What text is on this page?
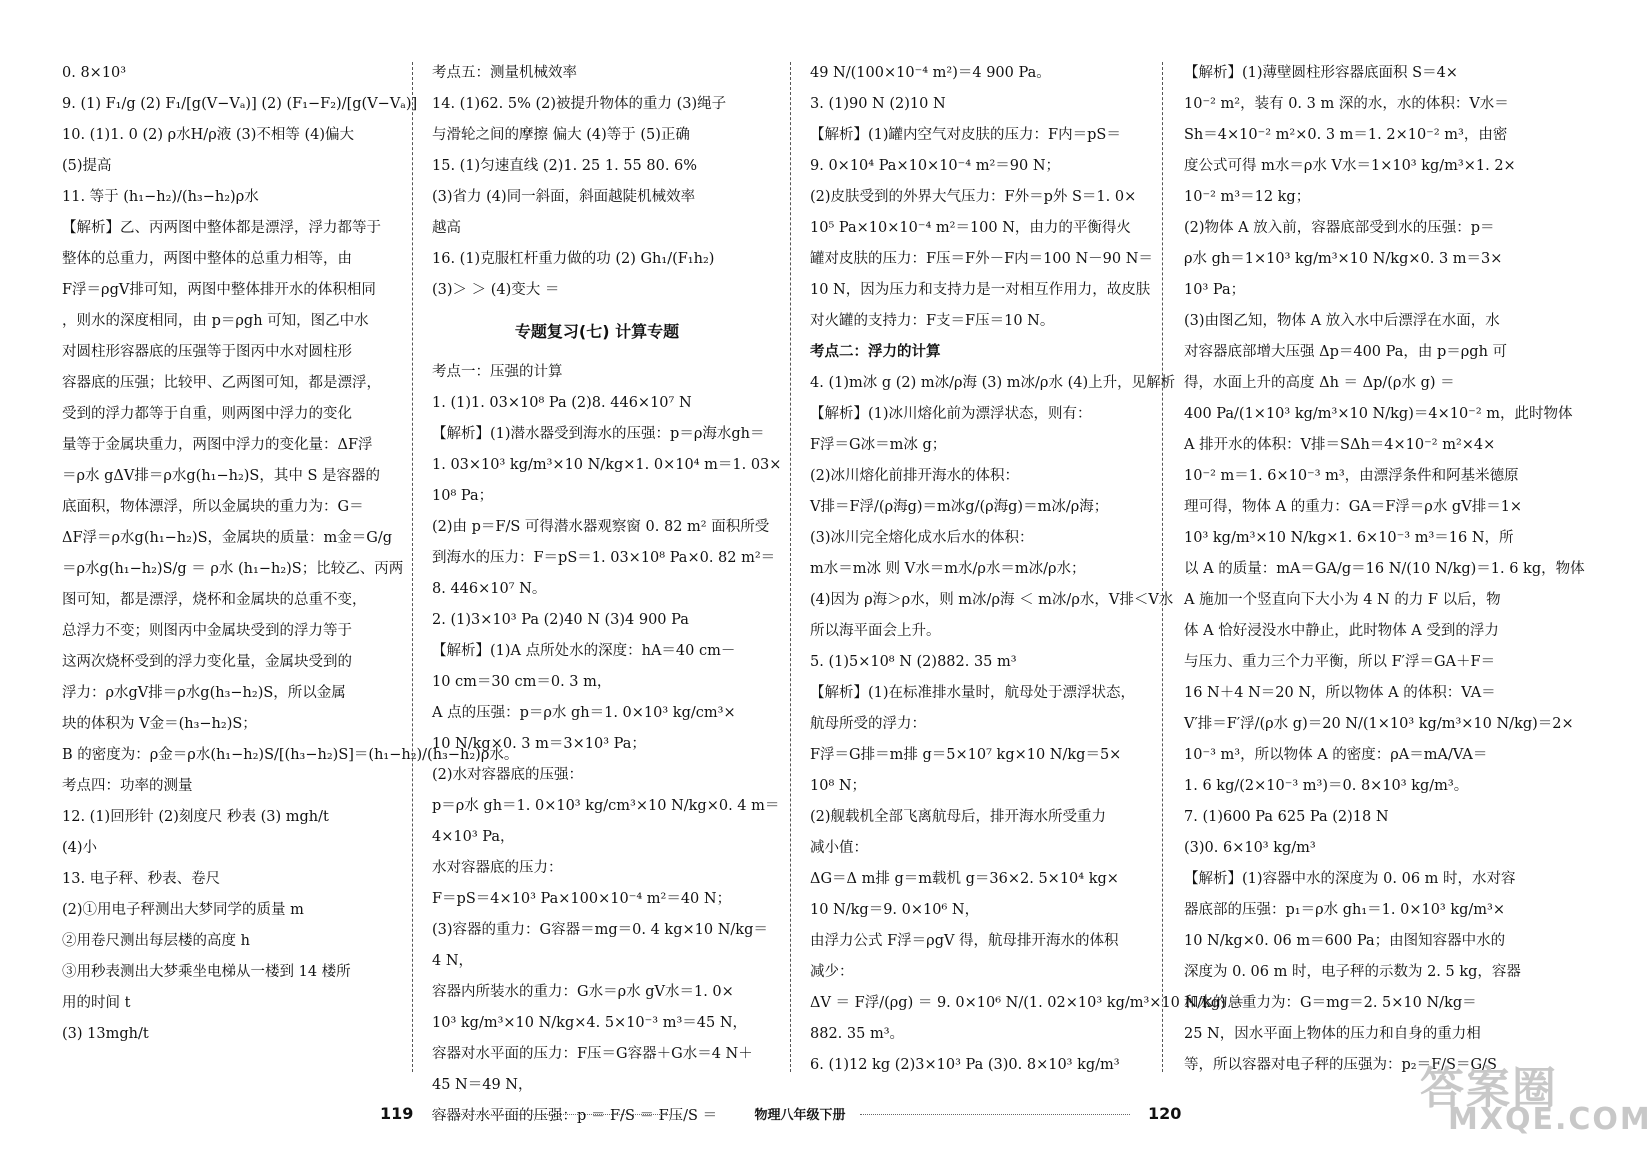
0. 8×10³
9. (1) F₁/g (2) F₁/[g(V−Vₐ)] (2) (F₁−F₂)/[g(V−Vₐ)]
10. (1)1. 0 (2) ρ水H/ρ液 (3)不相等 (4)偏大
(5)提高
11. 等于 (h₁−h₂)/(h₃−h₂)ρ水
【解析】乙、丙两图中整体都是漂浮，浮力都等于
整体的总重力，两图中整体的总重力相等，由
F浮＝ρgV排可知，两图中整体排开水的体积相同
，则水的深度相同，由 p＝ρgh 可知，图乙中水
对圆柱形容器底的压强等于图丙中水对圆柱形
容器底的压强；比较甲、乙两图可知，都是漂浮，
受到的浮力都等于自重，则两图中浮力的变化
量等于金属块重力，两图中浮力的变化量：ΔF浮
＝ρ水 gΔV排＝ρ水g(h₁−h₂)S，其中 S 是容器的
底面积，物体漂浮，所以金属块的重力为：G＝
ΔF浮＝ρ水g(h₁−h₂)S，金属块的质量：m金＝G/g
＝ρ水g(h₁−h₂)S/g ＝ ρ水 (h₁−h₂)S；比较乙、丙两
图可知，都是漂浮，烧杯和金属块的总重不变，
总浮力不变；则图丙中金属块受到的浮力等于
这两次烧杯受到的浮力变化量，金属块受到的
浮力：ρ水gV排＝ρ水g(h₃−h₂)S，所以金属
块的体积为 V金＝(h₃−h₂)S；
B 的密度为：ρ金＝ρ水(h₁−h₂)S/[(h₃−h₂)S]＝(h₁−h₂)/(h₃−h₂)ρ水。
考点四：功率的测量
12. (1)回形针 (2)刻度尺 秒表 (3) mgh/t
(4)小
13. 电子秤、秒表、卷尺
(2)①用电子秤测出大梦同学的质量 m
②用卷尺测出每层楼的高度 h
③用秒表测出大梦乘坐电梯从一楼到 14 楼所
用的时间 t
(3) 13mgh/t
考点五：测量机械效率
14. (1)62. 5% (2)被提升物体的重力 (3)绳子
与滑轮之间的摩擦 偏大 (4)等于 (5)正确
15. (1)匀速直线 (2)1. 25 1. 55 80. 6%
(3)省力 (4)同一斜面，斜面越陡机械效率
越高
16. (1)克服杠杆重力做的功 (2) Gh₁/(F₁h₂)
(3)＞ ＞ (4)变大 ＝
专题复习(七) 计算专题
考点一：压强的计算
1. (1)1. 03×10⁸ Pa (2)8. 446×10⁷ N
【解析】(1)潜水器受到海水的压强：p＝ρ海水gh＝
1. 03×10³ kg/m³×10 N/kg×1. 0×10⁴ m＝1. 03×
10⁸ Pa；
(2)由 p＝F/S 可得潜水器观察窗 0. 82 m² 面积所受
到海水的压力：F＝pS＝1. 03×10⁸ Pa×0. 82 m²＝
8. 446×10⁷ N。
2. (1)3×10³ Pa (2)40 N (3)4 900 Pa
【解析】(1)A 点所处水的深度：hA＝40 cm－
10 cm＝30 cm＝0. 3 m，
A 点的压强：p＝ρ水 gh＝1. 0×10³ kg/cm³×
10 N/kg×0. 3 m＝3×10³ Pa；
(2)水对容器底的压强：
p＝ρ水 gh＝1. 0×10³ kg/cm³×10 N/kg×0. 4 m＝
4×10³ Pa，
水对容器底的压力：
F＝pS＝4×10³ Pa×100×10⁻⁴ m²＝40 N；
(3)容器的重力：G容器＝mg＝0. 4 kg×10 N/kg＝
4 N，
容器内所装水的重力：G水＝ρ水 gV水＝1. 0×
10³ kg/m³×10 N/kg×4. 5×10⁻³ m³＝45 N，
容器对水平面的压力：F压＝G容器＋G水＝4 N＋
45 N＝49 N，
容器对水平面的压强：p ＝ F/S ＝ F压/S ＝
49 N/(100×10⁻⁴ m²)＝4 900 Pa。
3. (1)90 N (2)10 N
【解析】(1)罐内空气对皮肤的压力：F内＝pS＝
9. 0×10⁴ Pa×10×10⁻⁴ m²＝90 N；
(2)皮肤受到的外界大气压力：F外＝p外 S＝1. 0×
10⁵ Pa×10×10⁻⁴ m²＝100 N，由力的平衡得火
罐对皮肤的压力：F压＝F外－F内＝100 N－90 N＝
10 N，因为压力和支持力是一对相互作用力，故皮肤
对火罐的支持力：F支＝F压＝10 N。
考点二：浮力的计算
4. (1)m冰 g (2) m冰/ρ海 (3) m冰/ρ水 (4)上升，见解析
【解析】(1)冰川熔化前为漂浮状态，则有：
F浮＝G冰＝m冰 g；
(2)冰川熔化前排开海水的体积：
V排＝F浮/(ρ海g)＝m冰g/(ρ海g)＝m冰/ρ海；
(3)冰川完全熔化成水后水的体积：
m水＝m冰 则 V水＝m水/ρ水＝m冰/ρ水；
(4)因为 ρ海＞ρ水，则 m冰/ρ海 ＜ m冰/ρ水，V排＜V水
所以海平面会上升。
5. (1)5×10⁸ N (2)882. 35 m³
【解析】(1)在标准排水量时，航母处于漂浮状态，
航母所受的浮力：
F浮＝G排＝m排 g＝5×10⁷ kg×10 N/kg＝5×
10⁸ N；
(2)舰载机全部飞离航母后，排开海水所受重力
减小值：
ΔG＝Δ m排 g＝m载机 g＝36×2. 5×10⁴ kg×
10 N/kg＝9. 0×10⁶ N，
由浮力公式 F浮＝ρgV 得，航母排开海水的体积
减少：
ΔV ＝ F浮/(ρg) ＝ 9. 0×10⁶ N/(1. 02×10³ kg/m³×10 N/kg) ＝
882. 35 m³。
6. (1)12 kg (2)3×10³ Pa (3)0. 8×10³ kg/m³
【解析】(1)薄壁圆柱形容器底面积 S＝4×
10⁻² m²，装有 0. 3 m 深的水，水的体积：V水＝
Sh＝4×10⁻² m²×0. 3 m＝1. 2×10⁻² m³，由密
度公式可得 m水＝ρ水 V水＝1×10³ kg/m³×1. 2×
10⁻² m³＝12 kg；
(2)物体 A 放入前，容器底部受到水的压强：p＝
ρ水 gh＝1×10³ kg/m³×10 N/kg×0. 3 m＝3×
10³ Pa；
(3)由图乙知，物体 A 放入水中后漂浮在水面，水
对容器底部增大压强 Δp＝400 Pa，由 p＝ρgh 可
得，水面上升的高度 Δh ＝ Δp/(ρ水 g) ＝
400 Pa/(1×10³ kg/m³×10 N/kg)＝4×10⁻² m，此时物体
A 排开水的体积：V排＝SΔh＝4×10⁻² m²×4×
10⁻² m＝1. 6×10⁻³ m³，由漂浮条件和阿基米德原
理可得，物体 A 的重力：GA＝F浮＝ρ水 gV排＝1×
10³ kg/m³×10 N/kg×1. 6×10⁻³ m³＝16 N，所
以 A 的质量：mA＝GA/g＝16 N/(10 N/kg)＝1. 6 kg，物体
A 施加一个竖直向下大小为 4 N 的力 F 以后，物
体 A 恰好浸没水中静止，此时物体 A 受到的浮力
与压力、重力三个力平衡，所以 F′浮＝GA＋F＝
16 N＋4 N＝20 N，所以物体 A 的体积：VA＝
V′排＝F′浮/(ρ水 g)＝20 N/(1×10³ kg/m³×10 N/kg)＝2×
10⁻³ m³，所以物体 A 的密度：ρA＝mA/VA＝
1. 6 kg/(2×10⁻³ m³)＝0. 8×10³ kg/m³。
7. (1)600 Pa 625 Pa (2)18 N
(3)0. 6×10³ kg/m³
【解析】(1)容器中水的深度为 0. 06 m 时，水对容
器底部的压强：p₁＝ρ水 gh₁＝1. 0×10³ kg/m³×
10 N/kg×0. 06 m＝600 Pa；由图知容器中水的
深度为 0. 06 m 时，电子秤的示数为 2. 5 kg，容器
和水的总重力为：G＝mg＝2. 5×10 N/kg＝
25 N，因水平面上物体的压力和自身的重力相
等，所以容器对电子秤的压强为：p₂＝F/S＝G/S
119	物理八年级下册	120	答案圈
MXQE.COM
